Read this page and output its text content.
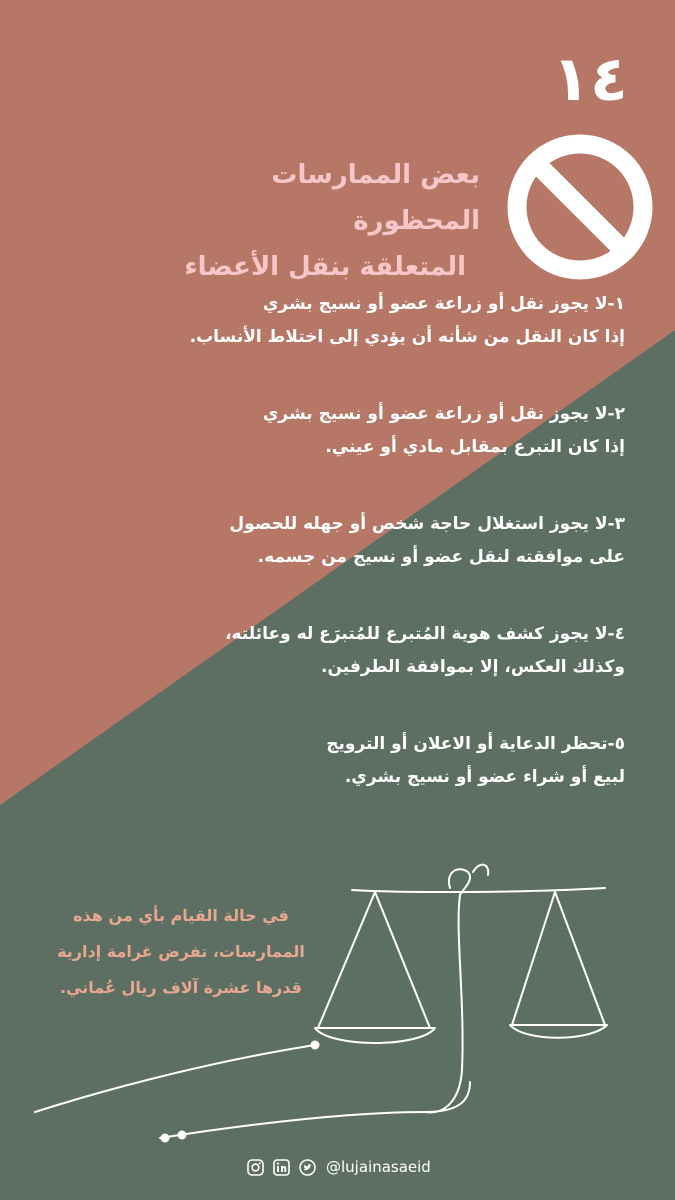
١٤
بعض الممارسات المحظورة
المتعلقة بنقل الأعضاء
١-لا يجوز نقل أو زراعة عضو أو نسيج بشري
إذا كان النقل من شأنه أن يؤدي إلى اختلاط الأنساب.
٢-لا يجوز نقل أو زراعة عضو أو نسيج بشري
إذا كان التبرع بمقابل مادي أو عيني.
٣-لا يجوز استغلال حاجة شخص أو جهله للحصول
على موافقته لنقل عضو أو نسيج من جسمه.
٤-لا يجوز كشف هوية المُتبرع للمُتبرَع له وعائلته،
وكذلك العكس، إلا بموافقة الطرفين.
٥-تحظر الدعاية أو الاعلان أو الترويج
لبيع أو شراء عضو أو نسيج بشري.
في حالة القيام بأي من هذه
الممارسات، تفرض غرامة إدارية
قدرها عشرة آلاف ريال عُماني.
@lujainasaeid
